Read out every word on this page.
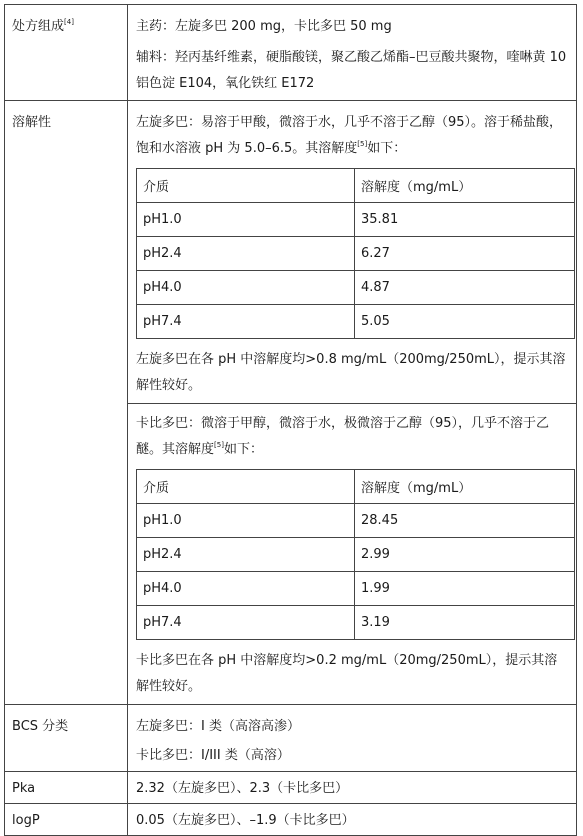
处方组成[4]	主药：左旋多巴 200 mg，卡比多巴 50 mg
辅料：羟丙基纤维素，硬脂酸镁，聚乙酸乙烯酯–巴豆酸共聚物，喹啉黄 10 铝色淀 E104，氧化铁红 E172

溶解性	左旋多巴：易溶于甲酸，微溶于水，几乎不溶于乙醇（95）。溶于稀盐酸，饱和水溶液 pH 为 5.0–6.5。其溶解度[5]如下：
介质	溶解度（mg/mL）
pH1.0	35.81
pH2.4	6.27
pH4.0	4.87
pH7.4	5.05
左旋多巴在各 pH 中溶解度均>0.8 mg/mL（200mg/250mL），提示其溶解性较好。
卡比多巴：微溶于甲醇，微溶于水，极微溶于乙醇（95），几乎不溶于乙醚。其溶解度[5]如下：
介质	溶解度（mg/mL）
pH1.0	28.45
pH2.4	2.99
pH4.0	1.99
pH7.4	3.19
卡比多巴在各 pH 中溶解度均>0.2 mg/mL（20mg/250mL），提示其溶解性较好。

BCS 分类	左旋多巴：I 类（高溶高渗）
卡比多巴：I/III 类（高溶）

Pka	2.32（左旋多巴）、2.3（卡比多巴）

logP	0.05（左旋多巴）、–1.9（卡比多巴）
